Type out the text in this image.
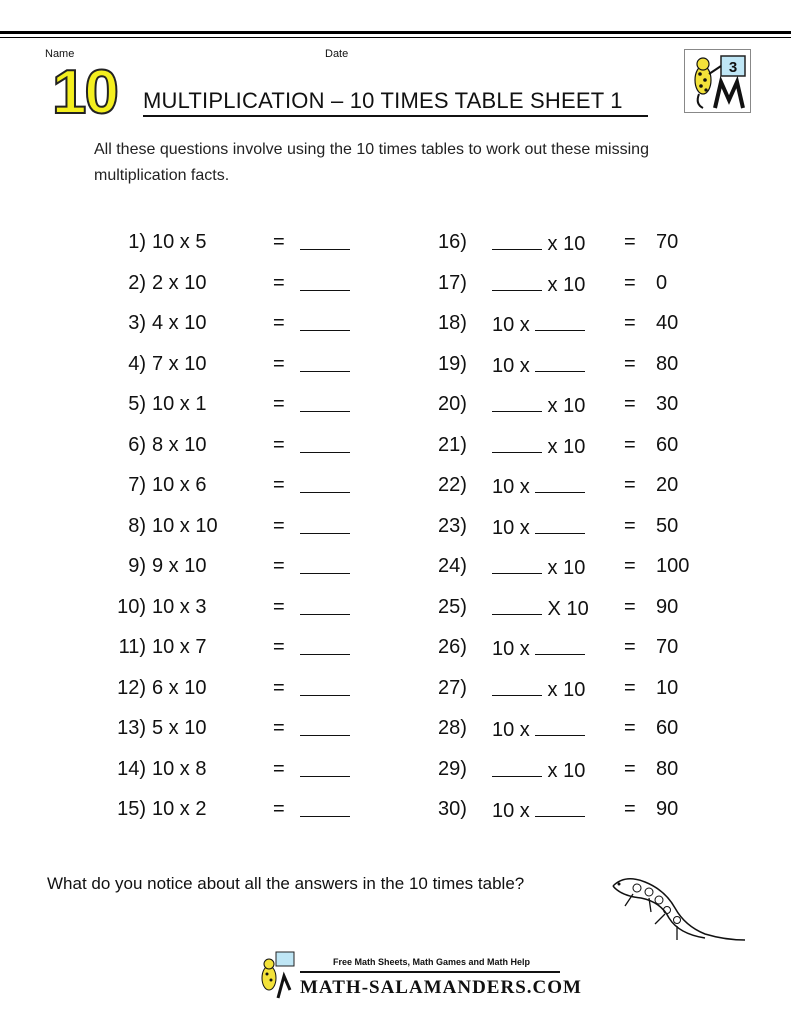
Name	Date
10 MULTIPLICATION – 10 TIMES TABLE SHEET 1
3
All these questions involve using the 10 times tables to work out these missing multiplication facts.
1) 10 x 5	=
2) 2 x 10	=
3) 4 x 10	=
4) 7 x 10	=
5) 10 x 1	=
6) 8 x 10	=
7) 10 x 6	=
8) 10 x 10	=
9) 9 x 10	=
10) 10 x 3	=
11) 10 x 7	=
12) 6 x 10	=
13) 5 x 10	=
14) 10 x 8	=
15) 10 x 2	=
16)	x 10 = 70
17)	x 10 = 0
18) 10 x	= 40
19) 10 x	= 80
20)	x 10 = 30
21)	x 10 = 60
22) 10 x	= 20
23) 10 x	= 50
24)	x 10 = 100
25)	X 10 = 90
26) 10 x	= 70
27)	x 10 = 10
28) 10 x	= 60
29)	x 10 = 80
30) 10 x	= 90
What do you notice about all the answers in the 10 times table?
Free Math Sheets, Math Games and Math Help
MATH-SALAMANDERS.COM
